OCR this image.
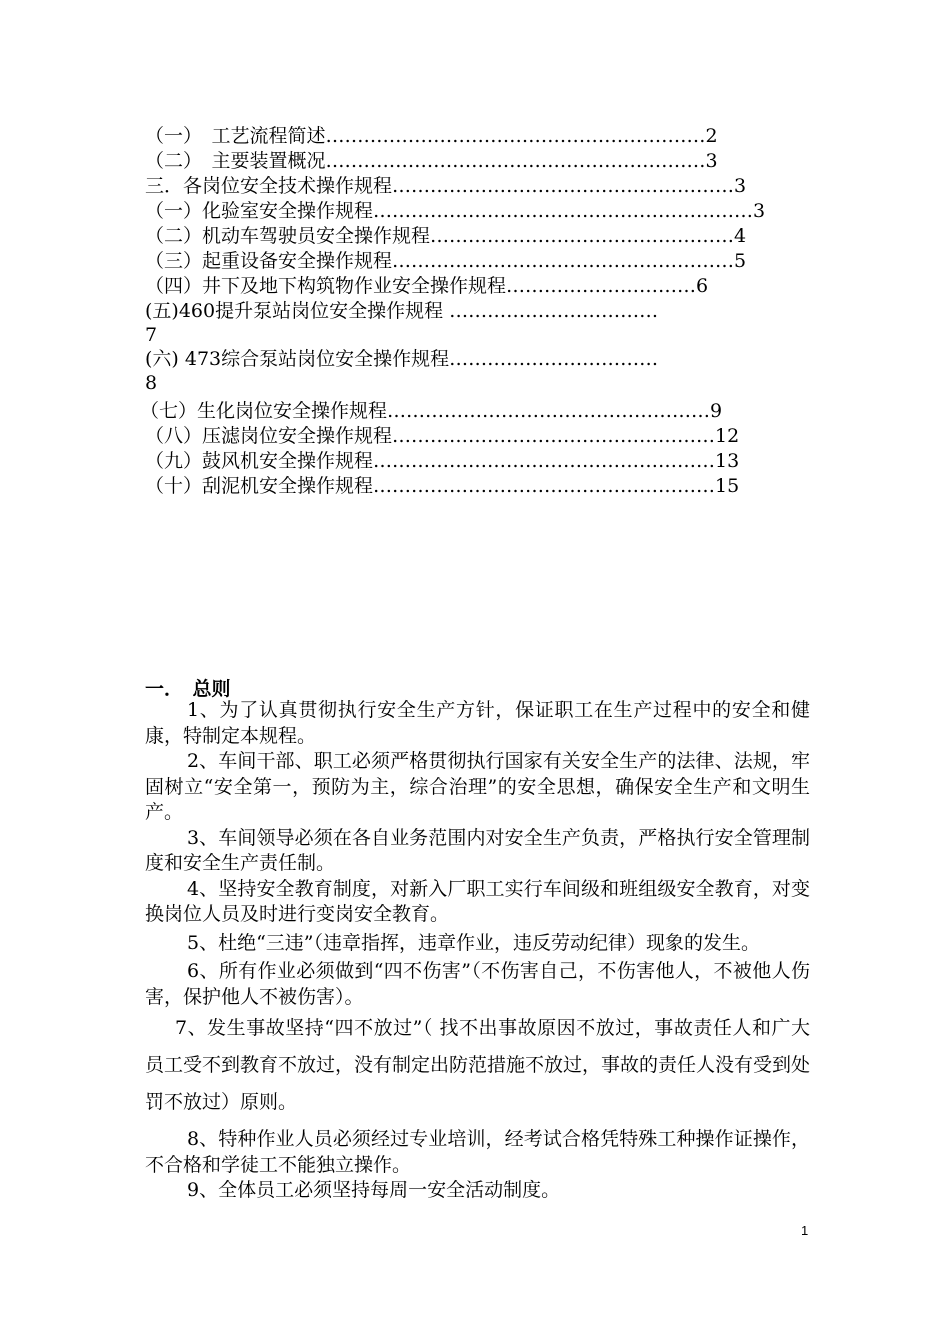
（一）　工艺流程简述……………………………………………………2
（二）　主要装置概况……………………………………………………3
三．各岗位安全技术操作规程………………………………………………3
（一）化验室安全操作规程……………………………………………………3
（二）机动车驾驶员安全操作规程…………………………………………4
（三）起重设备安全操作规程………………………………………………5
（四）井下及地下构筑物作业安全操作规程…………………………6
(五)460提升泵站岗位安全操作规程 ……………………………
7
(六) 473综合泵站岗位安全操作规程……………………………
8
（七）生化岗位安全操作规程……………………………………………9
（八）压滤岗位安全操作规程……………………………………………12
（九）鼓风机安全操作规程………………………………………………13
（十）刮泥机安全操作规程………………………………………………15
一．　总则

1、为了认真贯彻执行安全生产方针，保证职工在生产过程中的安全和健康，特制定本规程。

2、车间干部、职工必须严格贯彻执行国家有关安全生产的法律、法规，牢固树立“安全第一，预防为主，综合治理”的安全思想，确保安全生产和文明生产。

3、车间领导必须在各自业务范围内对安全生产负责，严格执行安全管理制度和安全生产责任制。

4、坚持安全教育制度，对新入厂职工实行车间级和班组级安全教育，对变换岗位人员及时进行变岗安全教育。

5、杜绝“三违”（违章指挥，违章作业，违反劳动纪律）现象的发生。

6、所有作业必须做到“四不伤害”（不伤害自己，不伤害他人，不被他人伤害，保护他人不被伤害）。

7、发生事故坚持“四不放过”（ 找不出事故原因不放过，事故责任人和广大员工受不到教育不放过，没有制定出防范措施不放过，事故的责任人没有受到处罚不放过）原则。

8、特种作业人员必须经过专业培训，经考试合格凭特殊工种操作证操作，不合格和学徒工不能独立操作。

9、全体员工必须坚持每周一安全活动制度。

1
